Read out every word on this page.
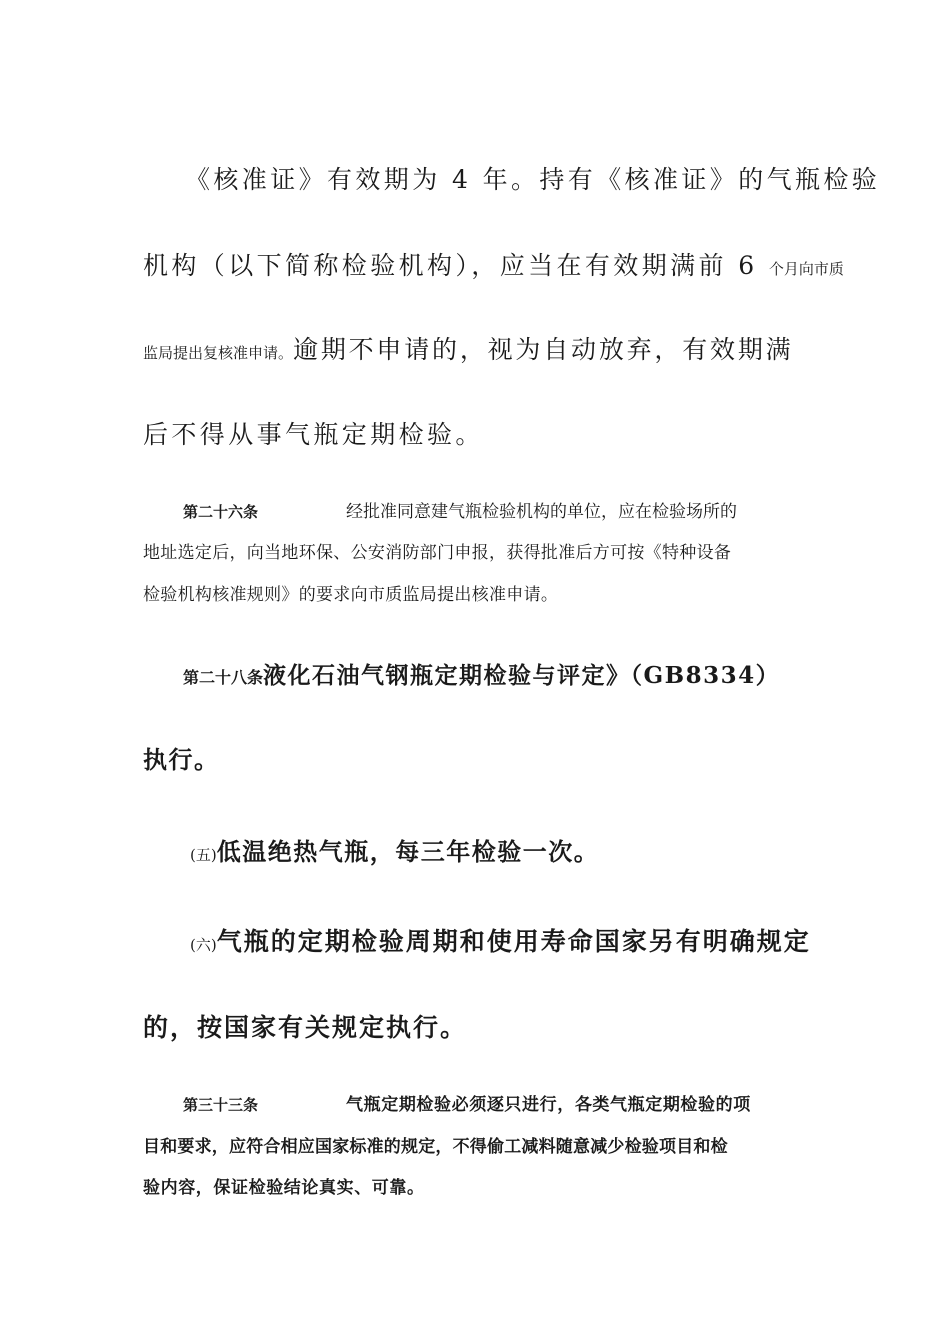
《核准证》有效期为 4 年。持有《核准证》的气瓶检验
机构（以下简称检验机构），应当在有效期满前 6 个月向市质
监局提出复核准申请。逾期不申请的，视为自动放弃，有效期满
后不得从事气瓶定期检验。
第二十六条	经批准同意建气瓶检验机构的单位，应在检验场所的
地址选定后，向当地环保、公安消防部门申报，获得批准后方可按《特种设备
检验机构核准规则》的要求向市质监局提出核准申请。
第二十八条液化石油气钢瓶定期检验与评定》（GB8334）
执行。
(五)低温绝热气瓶，每三年检验一次。
(六)气瓶的定期检验周期和使用寿命国家另有明确规定
的，按国家有关规定执行。
第三十三条	气瓶定期检验必须逐只进行，各类气瓶定期检验的项
目和要求，应符合相应国家标准的规定，不得偷工减料随意减少检验项目和检
验内容，保证检验结论真实、可靠。
